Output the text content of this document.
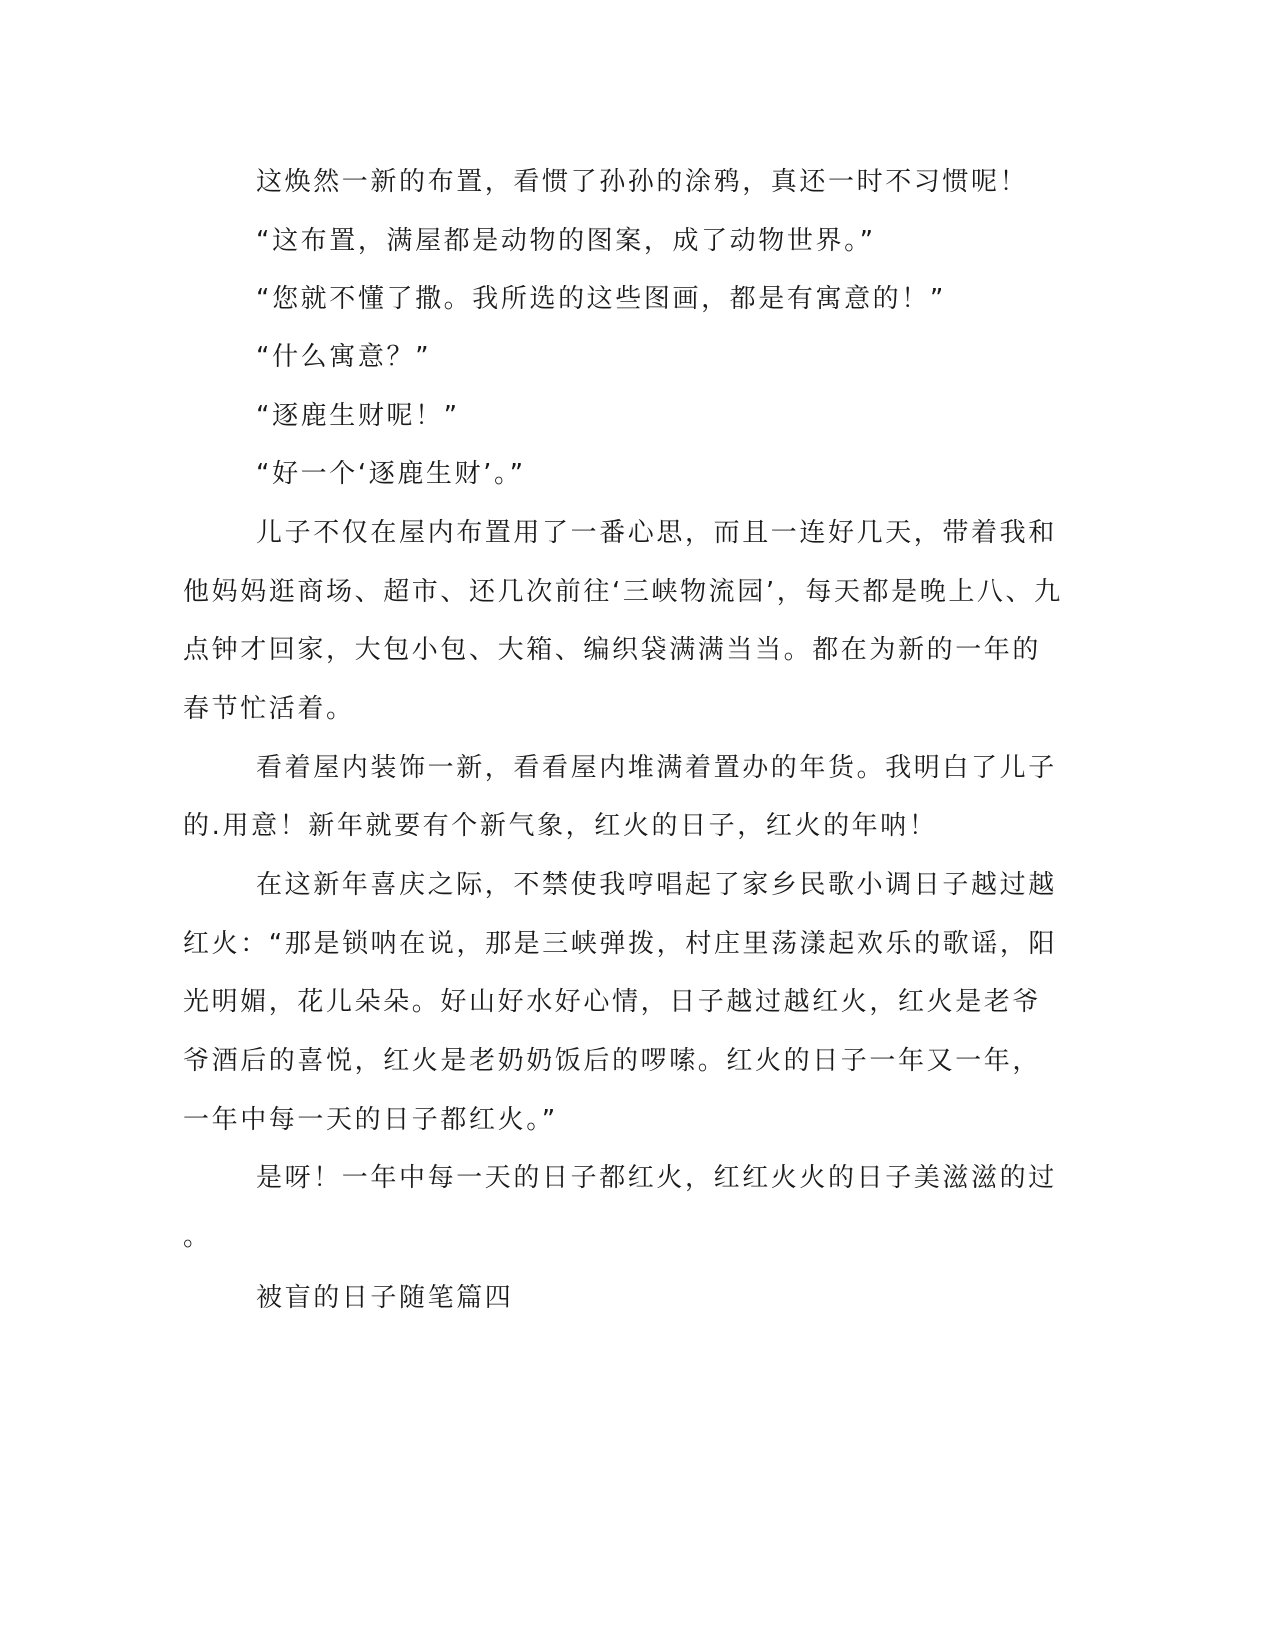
这焕然一新的布置，看惯了孙孙的涂鸦，真还一时不习惯呢！
“这布置，满屋都是动物的图案，成了动物世界。”
“您就不懂了撒。我所选的这些图画，都是有寓意的！”
“什么寓意？”
“逐鹿生财呢！”
“好一个‘逐鹿生财’。”
儿子不仅在屋内布置用了一番心思，而且一连好几天，带着我和
他妈妈逛商场、超市、还几次前往‘三峡物流园’，每天都是晚上八、九
点钟才回家，大包小包、大箱、编织袋满满当当。都在为新的一年的
春节忙活着。
看着屋内装饰一新，看看屋内堆满着置办的年货。我明白了儿子
的.用意！新年就要有个新气象，红火的日子，红火的年呐！
在这新年喜庆之际，不禁使我哼唱起了家乡民歌小调日子越过越
红火：“那是锁呐在说，那是三峡弹拨，村庄里荡漾起欢乐的歌谣，阳
光明媚，花儿朵朵。好山好水好心情，日子越过越红火，红火是老爷
爷酒后的喜悦，红火是老奶奶饭后的啰嗦。红火的日子一年又一年，
一年中每一天的日子都红火。”
是呀！一年中每一天的日子都红火，红红火火的日子美滋滋的过
。
被盲的日子随笔篇四
